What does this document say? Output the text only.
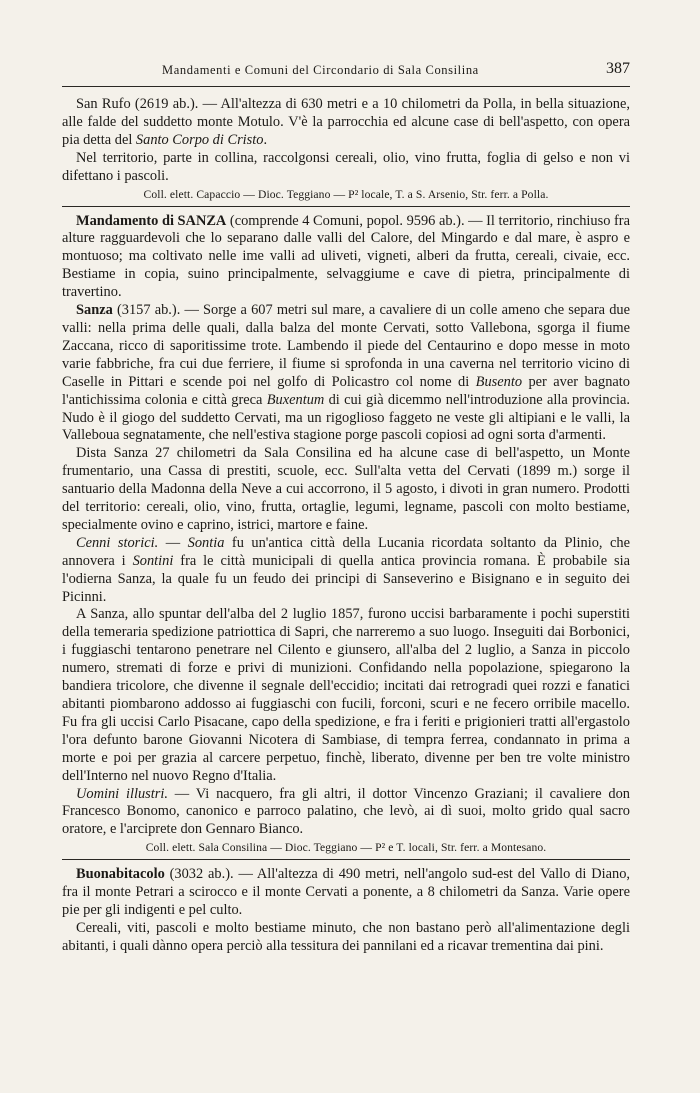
Mandamenti e Comuni del Circondario di Sala Consilina	387

San Rufo (2619 ab.). — All'altezza di 630 metri e a 10 chilometri da Polla, in bella situazione, alle falde del suddetto monte Motulo. V'è la parrocchia ed alcune case di bell'aspetto, con opera pia detta del Santo Corpo di Cristo.

Nel territorio, parte in collina, raccolgonsi cereali, olio, vino frutta, foglia di gelso e non vi difettano i pascoli.

Coll. elett. Capaccio — Dioc. Teggiano — P² locale, T. a S. Arsenio, Str. ferr. a Polla.

Mandamento di SANZA (comprende 4 Comuni, popol. 9596 ab.). — Il territorio, rinchiuso fra alture ragguardevoli che lo separano dalle valli del Calore, del Mingardo e dal mare, è aspro e montuoso; ma coltivato nelle ime valli ad uliveti, vigneti, alberi da frutta, cereali, civaie, ecc. Bestiame in copia, suino principalmente, selvaggiume e cave di pietra, principalmente di travertino.

Sanza (3157 ab.). — Sorge a 607 metri sul mare, a cavaliere di un colle ameno che separa due valli: nella prima delle quali, dalla balza del monte Cervati, sotto Vallebona, sgorga il fiume Zaccana, ricco di saporitissime trote. Lambendo il piede del Centaurino e dopo messe in moto varie fabbriche, fra cui due ferriere, il fiume si sprofonda in una caverna nel territorio vicino di Caselle in Pittari e scende poi nel golfo di Policastro col nome di Busento per aver bagnato l'antichissima colonia e città greca Buxentum di cui già dicemmo nell'introduzione alla provincia. Nudo è il giogo del suddetto Cervati, ma un rigoglioso faggeto ne veste gli altipiani e le valli, la Valleboua segnatamente, che nell'estiva stagione porge pascoli copiosi ad ogni sorta d'armenti.

Dista Sanza 27 chilometri da Sala Consilina ed ha alcune case di bell'aspetto, un Monte frumentario, una Cassa di prestiti, scuole, ecc. Sull'alta vetta del Cervati (1899 m.) sorge il santuario della Madonna della Neve a cui accorrono, il 5 agosto, i divoti in gran numero. Prodotti del territorio: cereali, olio, vino, frutta, ortaglie, legumi, legname, pascoli con molto bestiame, specialmente ovino e caprino, istrici, martore e faine.

Cenni storici. — Sontia fu un'antica città della Lucania ricordata soltanto da Plinio, che annovera i Sontini fra le città municipali di quella antica provincia romana. È probabile sia l'odierna Sanza, la quale fu un feudo dei principi di Sanseverino e Bisignano e in seguito dei Picinni.

A Sanza, allo spuntar dell'alba del 2 luglio 1857, furono uccisi barbaramente i pochi superstiti della temeraria spedizione patriottica di Sapri, che narreremo a suo luogo. Inseguiti dai Borbonici, i fuggiaschi tentarono penetrare nel Cilento e giunsero, all'alba del 2 luglio, a Sanza in piccolo numero, stremati di forze e privi di munizioni. Confidando nella popolazione, spiegarono la bandiera tricolore, che divenne il segnale dell'eccidio; incitati dai retrogradi quei rozzi e fanatici abitanti piombarono addosso ai fuggiaschi con fucili, forconi, scuri e ne fecero orribile macello. Fu fra gli uccisi Carlo Pisacane, capo della spedizione, e fra i feriti e prigionieri tratti all'ergastolo l'ora defunto barone Giovanni Nicotera di Sambiase, di tempra ferrea, condannato in prima a morte e poi per grazia al carcere perpetuo, finchè, liberato, divenne per ben tre volte ministro dell'Interno nel nuovo Regno d'Italia.

Uomini illustri. — Vi nacquero, fra gli altri, il dottor Vincenzo Graziani; il cavaliere don Francesco Bonomo, canonico e parroco palatino, che levò, ai dì suoi, molto grido qual sacro oratore, e l'arciprete don Gennaro Bianco.

Coll. elett. Sala Consilina — Dioc. Teggiano — P² e T. locali, Str. ferr. a Montesano.

Buonabitacolo (3032 ab.). — All'altezza di 490 metri, nell'angolo sud-est del Vallo di Diano, fra il monte Petrari a scirocco e il monte Cervati a ponente, a 8 chilometri da Sanza. Varie opere pie per gli indigenti e pel culto.

Cereali, viti, pascoli e molto bestiame minuto, che non bastano però all'alimentazione degli abitanti, i quali dànno opera perciò alla tessitura dei pannilani ed a ricavar trementina dai pini.
